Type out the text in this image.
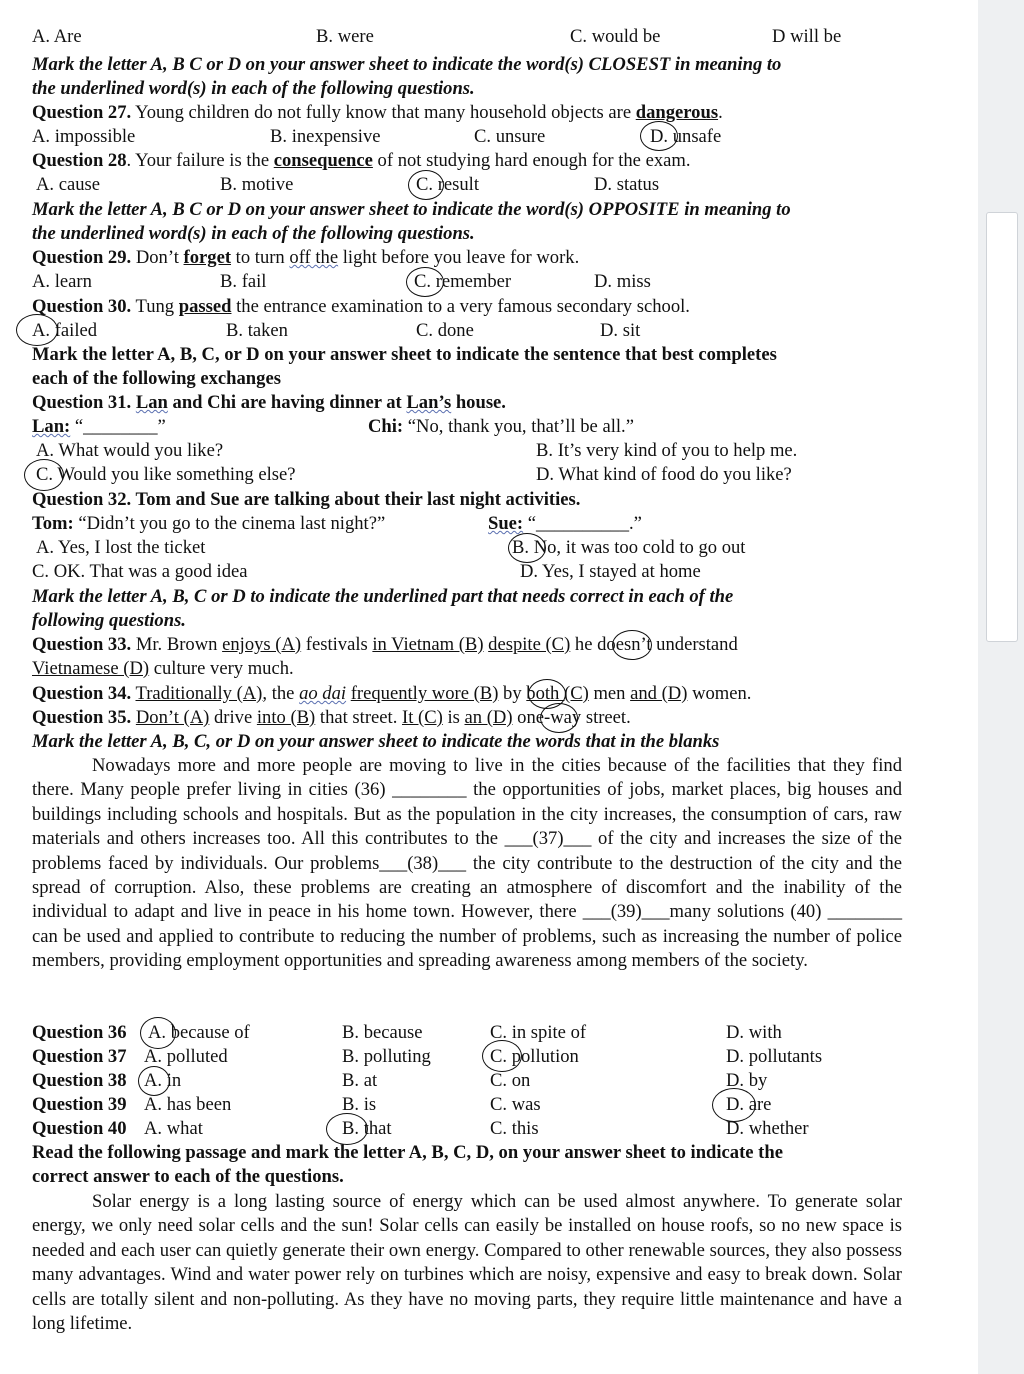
A. Are	B. were	C. would be	D will be
Mark the letter A, B C or D on your answer sheet to indicate the word(s) CLOSEST in meaning to
the underlined word(s) in each of the following questions.
Question 27. Young children do not fully know that many household objects are dangerous.
A. impossible	B. inexpensive	C. unsure	D. unsafe
Question 28. Your failure is the consequence of not studying hard enough for the exam.
A. cause	B. motive	C. result	D. status
Mark the letter A, B C or D on your answer sheet to indicate the word(s) OPPOSITE in meaning to
the underlined word(s) in each of the following questions.
Question 29. Don’t forget to turn off the light before you leave for work.
A. learn	B. fail	C. remember	D. miss
Question 30. Tung passed the entrance examination to a very famous secondary school.
A. failed	B. taken	C. done	D. sit
Mark the letter A, B, C, or D on your answer sheet to indicate the sentence that best completes
each of the following exchanges
Question 31. Lan and Chi are having dinner at Lan’s house.
Lan: “________”	Chi: “No, thank you, that’ll be all.”
A. What would you like?	B. It’s very kind of you to help me.
C. Would you like something else?	D. What kind of food do you like?
Question 32. Tom and Sue are talking about their last night activities.
Tom: “Didn’t you go to the cinema last night?”	Sue: “__________.”
A. Yes, I lost the ticket	B. No, it was too cold to go out
C. OK. That was a good idea	D. Yes, I stayed at home
Mark the letter A, B, C or D to indicate the underlined part that needs correct in each of the
following questions.
Question 33. Mr. Brown enjoys (A) festivals in Vietnam (B) despite (C) he doesn’t understand
Vietnamese (D) culture very much.
Question 34. Traditionally (A), the ao dai frequently wore (B) by both (C) men and (D) women.
Question 35. Don’t (A) drive into (B) that street. It (C) is an (D) one-way street.
Mark the letter A, B, C, or D on your answer sheet to indicate the words that in the blanks

Nowadays more and more people are moving to live in the cities because of the facilities that they find there. Many people prefer living in cities (36) ________ the opportunities of jobs, market places, big houses and buildings including schools and hospitals. But as the population in the city increases, the consumption of cars, raw materials and others increases too. All this contributes to the ___(37)___ of the city and increases the size of the problems faced by individuals. Our problems___(38)___ the city contribute to the destruction of the city and the spread of corruption. Also, these problems are creating an atmosphere of discomfort and the inability of the individual to adapt and live in peace in his home town. However, there ___(39)___many solutions (40) ________ can be used and applied to contribute to reducing the number of problems, such as increasing the number of police members, providing employment opportunities and spreading awareness among members of the society.

Question 36 A. because of	B. because	C. in spite of	D. with
Question 37 A. polluted	B. polluting	C. pollution	D. pollutants
Question 38 A. in	B. at	C. on	D. by
Question 39 A. has been	B. is	C. was	D. are
Question 40 A. what	B. that	C. this	D. whether
Read the following passage and mark the letter A, B, C, D, on your answer sheet to indicate the
correct answer to each of the questions.

Solar energy is a long lasting source of energy which can be used almost anywhere. To generate solar energy, we only need solar cells and the sun! Solar cells can easily be installed on house roofs, so no new space is needed and each user can quietly generate their own energy. Compared to other renewable sources, they also possess many advantages. Wind and water power rely on turbines which are noisy, expensive and easy to break down. Solar cells are totally silent and non-polluting. As they have no moving parts, they require little maintenance and have a long lifetime.
